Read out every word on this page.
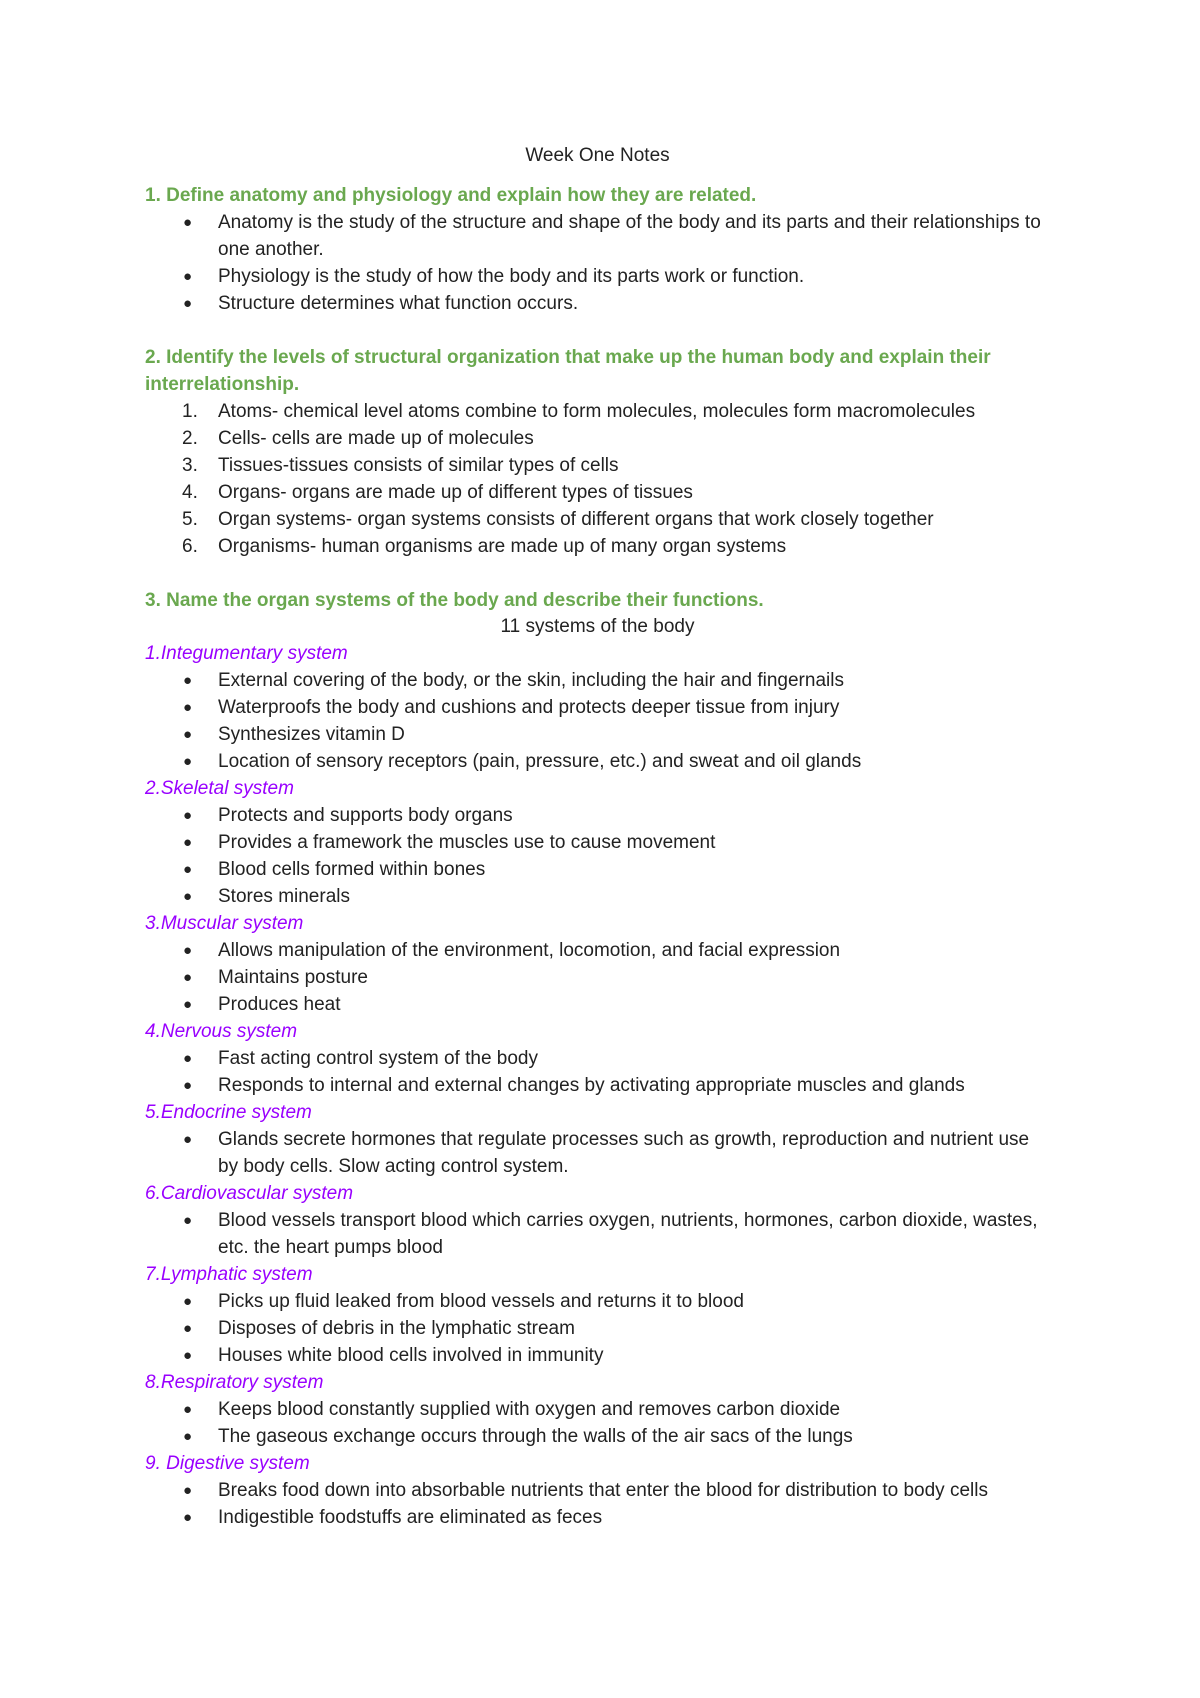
Week One Notes

1. Define anatomy and physiology and explain how they are related.

● Anatomy is the study of the structure and shape of the body and its parts and their relationships to one another.
● Physiology is the study of how the body and its parts work or function.
● Structure determines what function occurs.

2. Identify the levels of structural organization that make up the human body and explain their interrelationship.

1. Atoms- chemical level atoms combine to form molecules, molecules form macromolecules
2. Cells- cells are made up of molecules
3. Tissues-tissues consists of similar types of cells
4. Organs- organs are made up of different types of tissues
5. Organ systems- organ systems consists of different organs that work closely together
6. Organisms- human organisms are made up of many organ systems

3. Name the organ systems of the body and describe their functions.

11 systems of the body

1.Integumentary system

● External covering of the body, or the skin, including the hair and fingernails
● Waterproofs the body and cushions and protects deeper tissue from injury
● Synthesizes vitamin D
● Location of sensory receptors (pain, pressure, etc.) and sweat and oil glands

2.Skeletal system

● Protects and supports body organs
● Provides a framework the muscles use to cause movement
● Blood cells formed within bones
● Stores minerals

3.Muscular system

● Allows manipulation of the environment, locomotion, and facial expression
● Maintains posture
● Produces heat

4.Nervous system

● Fast acting control system of the body
● Responds to internal and external changes by activating appropriate muscles and glands

5.Endocrine system

● Glands secrete hormones that regulate processes such as growth, reproduction and nutrient use by body cells. Slow acting control system.

6.Cardiovascular system

● Blood vessels transport blood which carries oxygen, nutrients, hormones, carbon dioxide, wastes, etc. the heart pumps blood

7.Lymphatic system

● Picks up fluid leaked from blood vessels and returns it to blood
● Disposes of debris in the lymphatic stream
● Houses white blood cells involved in immunity

8.Respiratory system

● Keeps blood constantly supplied with oxygen and removes carbon dioxide
● The gaseous exchange occurs through the walls of the air sacs of the lungs

9. Digestive system

● Breaks food down into absorbable nutrients that enter the blood for distribution to body cells
● Indigestible foodstuffs are eliminated as feces
